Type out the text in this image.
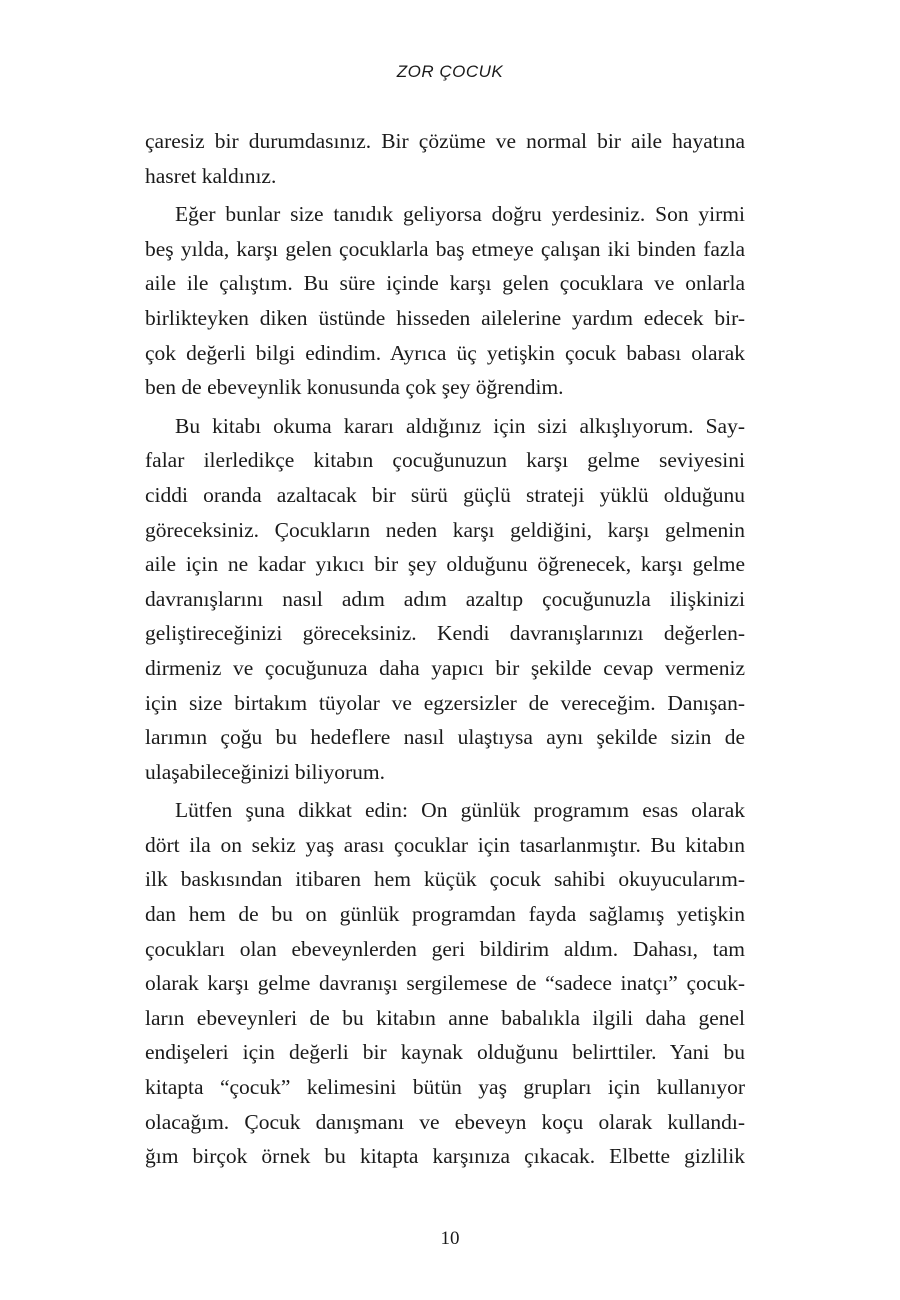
ZOR ÇOCUK
çaresiz bir durumdasınız. Bir çözüme ve normal bir aile hayatına
hasret kaldınız.
Eğer bunlar size tanıdık geliyorsa doğru yerdesiniz. Son yirmi
beş yılda, karşı gelen çocuklarla baş etmeye çalışan iki binden fazla
aile ile çalıştım. Bu süre içinde karşı gelen çocuklara ve onlarla
birlikteyken diken üstünde hisseden ailelerine yardım edecek bir-
çok değerli bilgi edindim. Ayrıca üç yetişkin çocuk babası olarak
ben de ebeveynlik konusunda çok şey öğrendim.
Bu kitabı okuma kararı aldığınız için sizi alkışlıyorum. Say-
falar ilerledikçe kitabın çocuğunuzun karşı gelme seviyesini
ciddi oranda azaltacak bir sürü güçlü strateji yüklü olduğunu
göreceksiniz. Çocukların neden karşı geldiğini, karşı gelmenin
aile için ne kadar yıkıcı bir şey olduğunu öğrenecek, karşı gelme
davranışlarını nasıl adım adım azaltıp çocuğunuzla ilişkinizi
geliştireceğinizi göreceksiniz. Kendi davranışlarınızı değerlen-
dirmeniz ve çocuğunuza daha yapıcı bir şekilde cevap vermeniz
için size birtakım tüyolar ve egzersizler de vereceğim. Danışan-
larımın çoğu bu hedeflere nasıl ulaştıysa aynı şekilde sizin de
ulaşabileceğinizi biliyorum.
Lütfen şuna dikkat edin: On günlük programım esas olarak
dört ila on sekiz yaş arası çocuklar için tasarlanmıştır. Bu kitabın
ilk baskısından itibaren hem küçük çocuk sahibi okuyucularım-
dan hem de bu on günlük programdan fayda sağlamış yetişkin
çocukları olan ebeveynlerden geri bildirim aldım. Dahası, tam
olarak karşı gelme davranışı sergilemese de “sadece inatçı” çocuk-
ların ebeveynleri de bu kitabın anne babalıkla ilgili daha genel
endişeleri için değerli bir kaynak olduğunu belirttiler. Yani bu
kitapta “çocuk” kelimesini bütün yaş grupları için kullanıyor
olacağım. Çocuk danışmanı ve ebeveyn koçu olarak kullandı-
ğım birçok örnek bu kitapta karşınıza çıkacak. Elbette gizlilik
10
